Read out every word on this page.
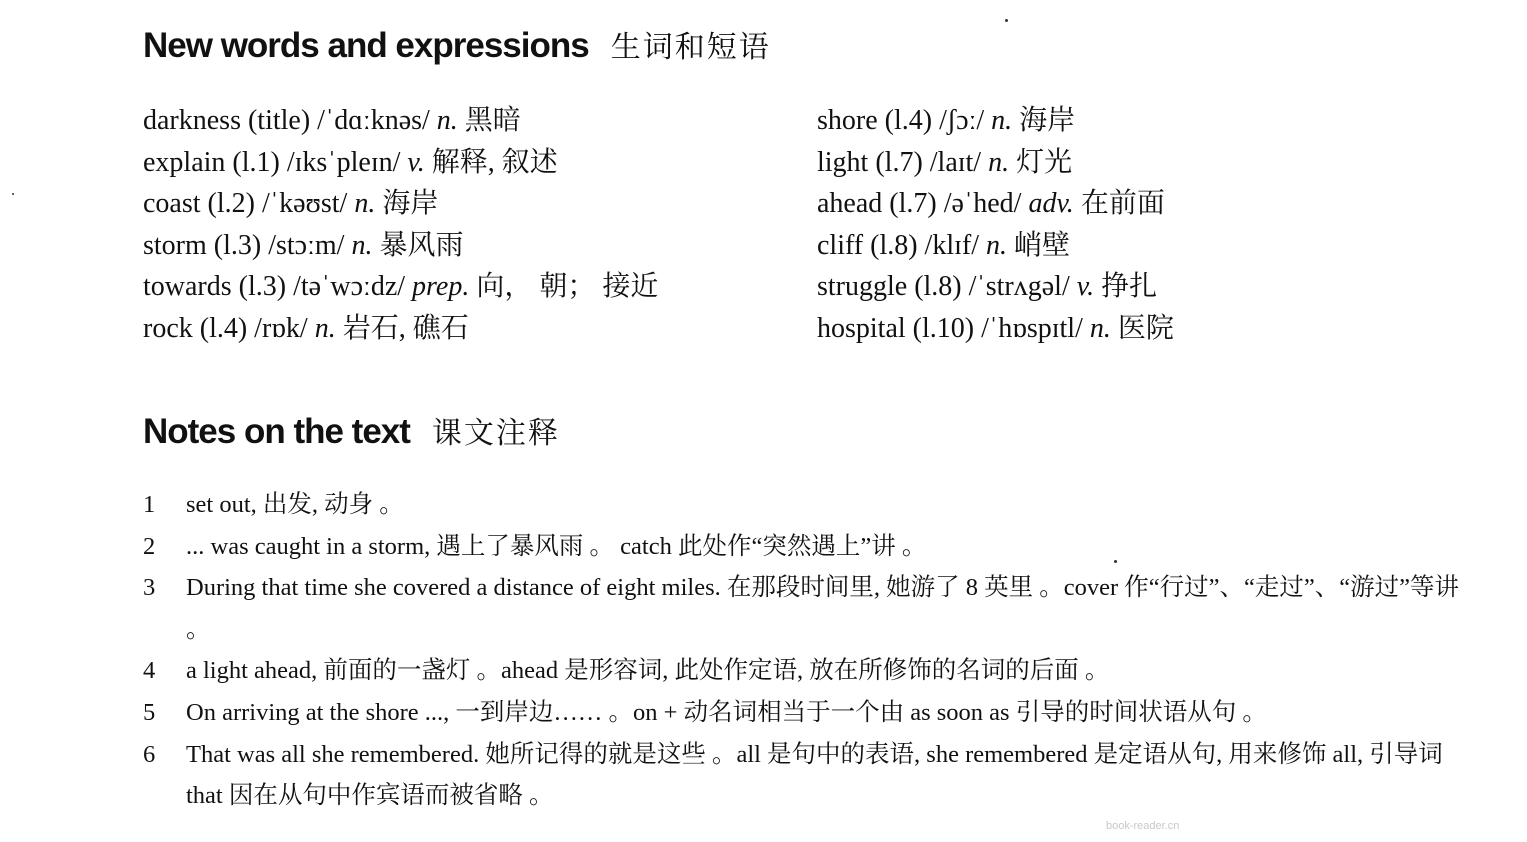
New words and expressions 生词和短语
darkness (title) /ˈdɑːknəs/ n. 黑暗
explain (l.1) /ɪksˈpleɪn/ v. 解释, 叙述
coast (l.2) /ˈkəʊst/ n. 海岸
storm (l.3) /stɔːm/ n. 暴风雨
towards (l.3) /təˈwɔːdz/ prep. 向， 朝； 接近
rock (l.4) /rɒk/ n. 岩石, 礁石
shore (l.4) /ʃɔː/ n. 海岸
light (l.7) /laɪt/ n. 灯光
ahead (l.7) /əˈhed/ adv. 在前面
cliff (l.8) /klɪf/ n. 峭壁
struggle (l.8) /ˈstrʌgəl/ v. 挣扎
hospital (l.10) /ˈhɒspɪtl/ n. 医院
Notes on the text 课文注释
1 set out, 出发, 动身 。
2 ... was caught in a storm, 遇上了暴风雨 。 catch 此处作“突然遇上”讲 。
3 During that time she covered a distance of eight miles. 在那段时间里, 她游了 8 英里 。cover 作“行过”、“走过”、“游过”等讲 。
4 a light ahead, 前面的一盏灯 。ahead 是形容词, 此处作定语, 放在所修饰的名词的后面 。
5 On arriving at the shore ..., 一到岸边…… 。on + 动名词相当于一个由 as soon as 引导的时间状语从句 。
6 That was all she remembered. 她所记得的就是这些 。all 是句中的表语, she remembered 是定语从句, 用来修饰 all, 引导词 that 因在从句中作宾语而被省略 。
book-reader.cn
